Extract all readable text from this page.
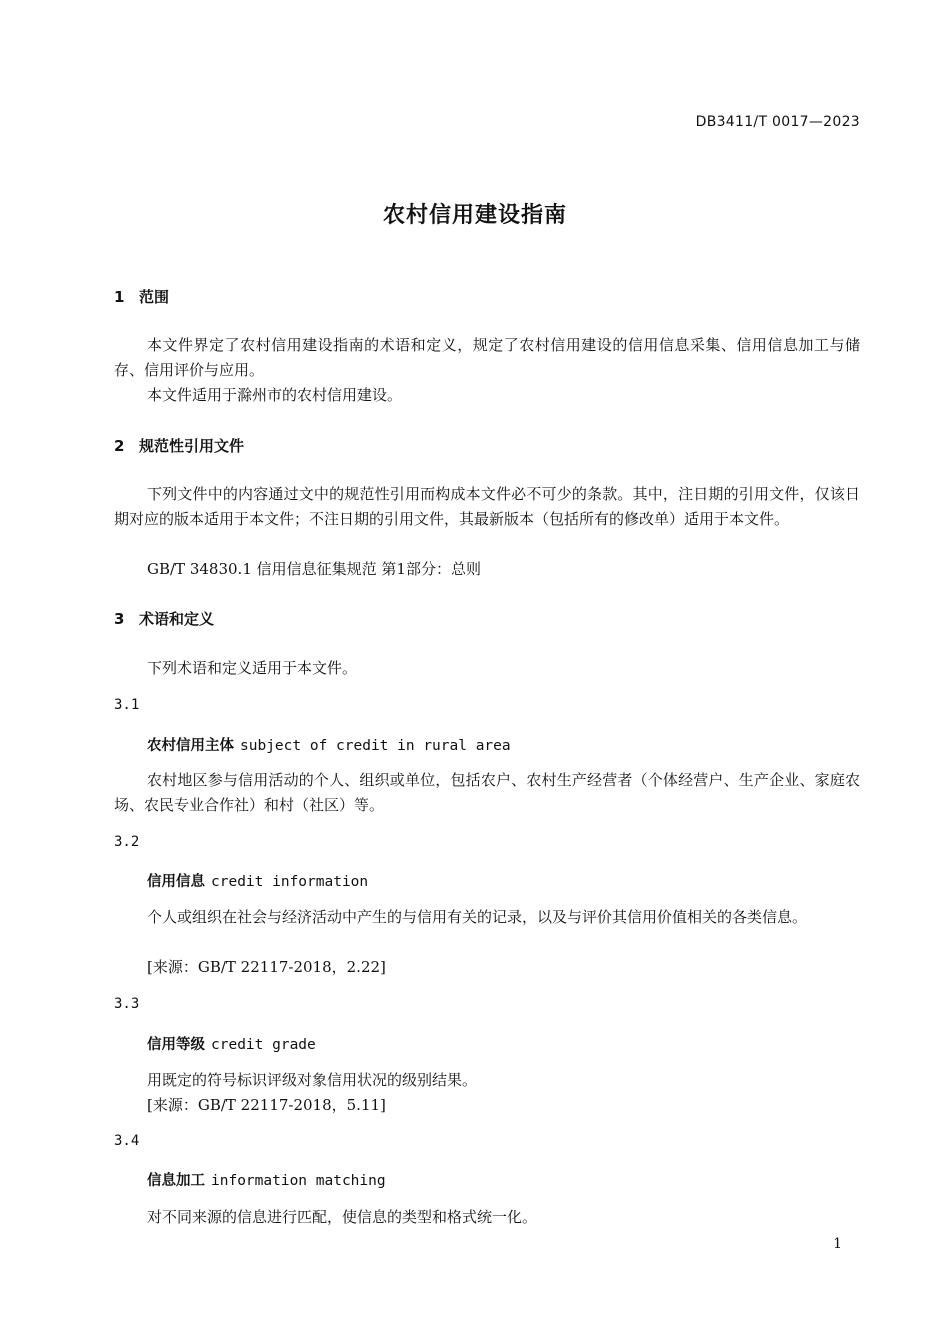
DB3411/T 0017—2023
农村信用建设指南
1 范围
本文件界定了农村信用建设指南的术语和定义，规定了农村信用建设的信用信息采集、信用信息加工与储存、信用评价与应用。
本文件适用于滁州市的农村信用建设。
2 规范性引用文件
下列文件中的内容通过文中的规范性引用而构成本文件必不可少的条款。其中，注日期的引用文件，仅该日期对应的版本适用于本文件；不注日期的引用文件，其最新版本（包括所有的修改单）适用于本文件。
GB/T 34830.1 信用信息征集规范 第1部分：总则
3 术语和定义
下列术语和定义适用于本文件。
3.1
农村信用主体 subject of credit in rural area
农村地区参与信用活动的个人、组织或单位，包括农户、农村生产经营者（个体经营户、生产企业、家庭农场、农民专业合作社）和村（社区）等。
3.2
信用信息 credit information
个人或组织在社会与经济活动中产生的与信用有关的记录，以及与评价其信用价值相关的各类信息。
[来源：GB/T 22117-2018，2.22]
3.3
信用等级 credit grade
用既定的符号标识评级对象信用状况的级别结果。
[来源：GB/T 22117-2018，5.11]
3.4
信息加工 information matching
对不同来源的信息进行匹配，使信息的类型和格式统一化。
1
